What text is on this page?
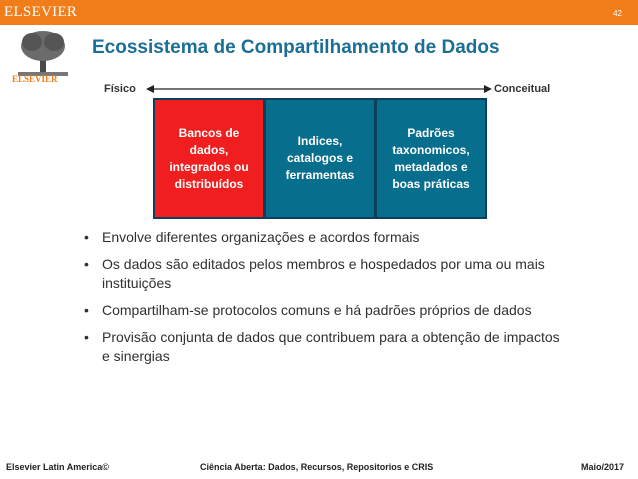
ELSEVIER	42
ELSEVIER
Ecossistema de Compartilhamento de Dados
Físico	Conceitual
Bancos de dados, integrados ou distribuídos
Indices, catalogos e ferramentas
Padrões taxonomicos, metadados e boas práticas
• Envolve diferentes organizações e acordos formais
• Os dados são editados pelos membros e hospedados por uma ou mais instituições
• Compartilham-se protocolos comuns e há padrões próprios de dados
• Provisão conjunta de dados que contribuem para a obtenção de impactos e sinergias
Elsevier Latin America©	Ciência Aberta: Dados, Recursos, Repositorios e CRIS	Maio/2017
